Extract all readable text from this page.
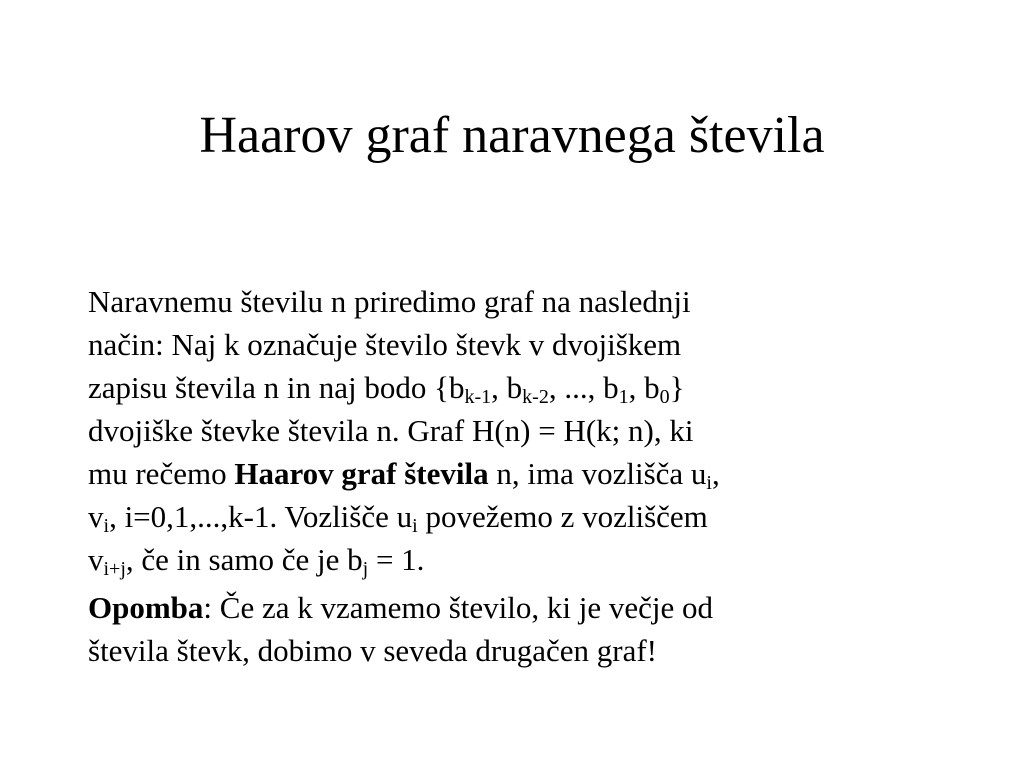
Haarov graf naravnega števila
Naravnemu številu n priredimo graf na naslednji
način: Naj k označuje število števk v dvojiškem
zapisu števila n in naj bodo {$b_{k-1}$, $b_{k-2}$, ..., $b_1$, $b_0$}
dvojiške števke števila n. Graf H(n) = H(k; n), ki
mu rečemo Haarov graf števila n, ima vozlišča $u_i$,
$v_i$, i=0,1,...,k-1. Vozlišče $u_i$ povežemo z vozliščem
$v_{i+j}$, če in samo če je $b_j = 1$.
Opomba: Če za k vzamemo število, ki je večje od
števila števk, dobimo v seveda drugačen graf!
